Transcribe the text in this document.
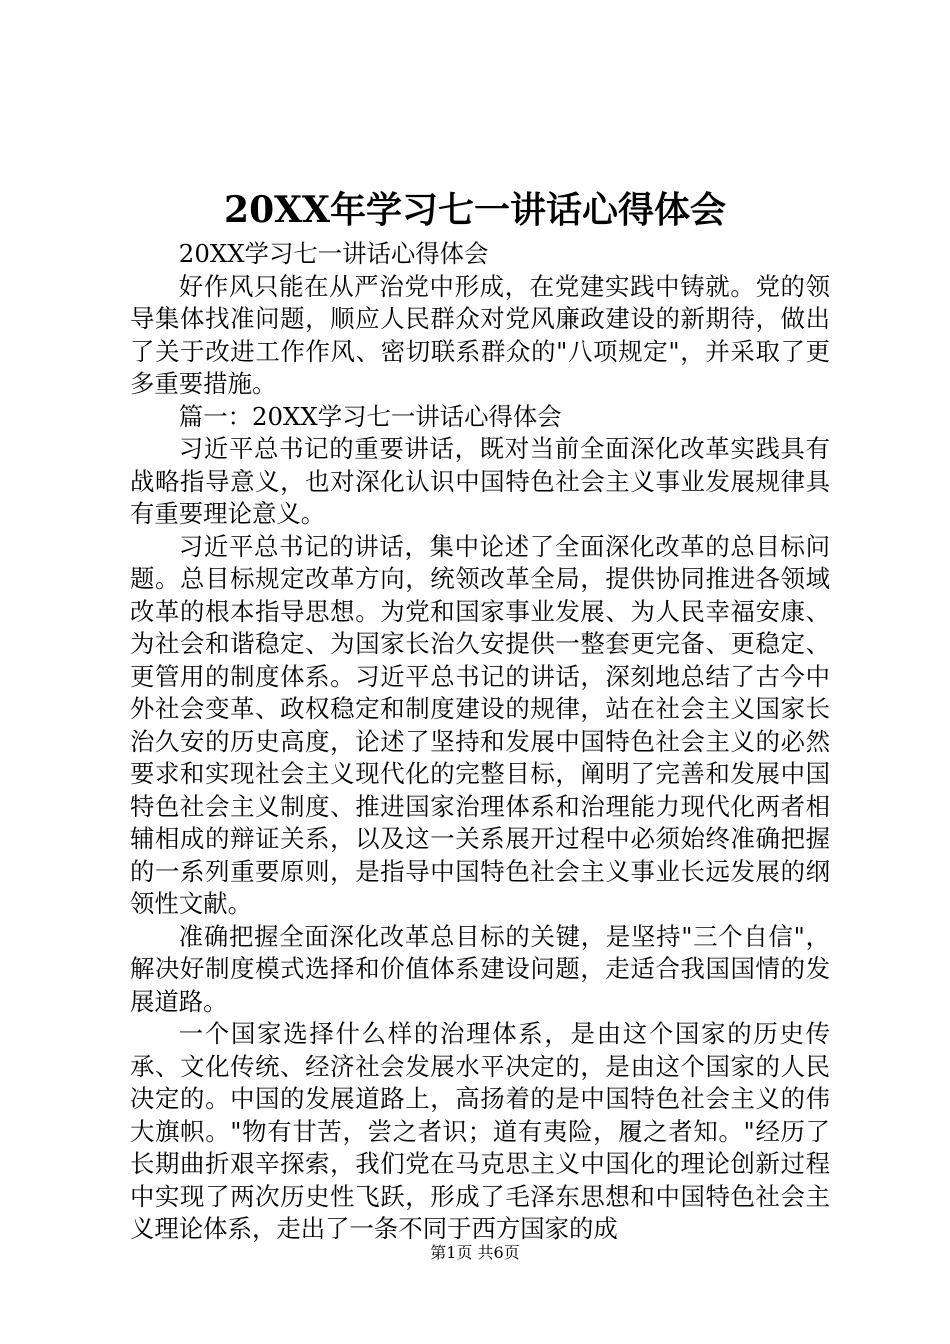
20XX年学习七一讲话心得体会

20XX学习七一讲话心得体会

好作风只能在从严治党中形成，在党建实践中铸就。党的领导集体找准问题，顺应人民群众对党风廉政建设的新期待，做出了关于改进工作作风、密切联系群众的"八项规定"，并采取了更多重要措施。

篇一：20XX学习七一讲话心得体会

习近平总书记的重要讲话，既对当前全面深化改革实践具有战略指导意义，也对深化认识中国特色社会主义事业发展规律具有重要理论意义。

习近平总书记的讲话，集中论述了全面深化改革的总目标问题。总目标规定改革方向，统领改革全局，提供协同推进各领域改革的根本指导思想。为党和国家事业发展、为人民幸福安康、为社会和谐稳定、为国家长治久安提供一整套更完备、更稳定、更管用的制度体系。习近平总书记的讲话，深刻地总结了古今中外社会变革、政权稳定和制度建设的规律，站在社会主义国家长治久安的历史高度，论述了坚持和发展中国特色社会主义的必然要求和实现社会主义现代化的完整目标，阐明了完善和发展中国特色社会主义制度、推进国家治理体系和治理能力现代化两者相辅相成的辩证关系，以及这一关系展开过程中必须始终准确把握的一系列重要原则，是指导中国特色社会主义事业长远发展的纲领性文献。

准确把握全面深化改革总目标的关键，是坚持"三个自信"，解决好制度模式选择和价值体系建设问题，走适合我国国情的发展道路。

一个国家选择什么样的治理体系，是由这个国家的历史传承、文化传统、经济社会发展水平决定的，是由这个国家的人民决定的。中国的发展道路上，高扬着的是中国特色社会主义的伟大旗帜。"物有甘苦，尝之者识；道有夷险，履之者知。"经历了长期曲折艰辛探索，我们党在马克思主义中国化的理论创新过程中实现了两次历史性飞跃，形成了毛泽东思想和中国特色社会主义理论体系，走出了一条不同于西方国家的成

第1页 共6页
